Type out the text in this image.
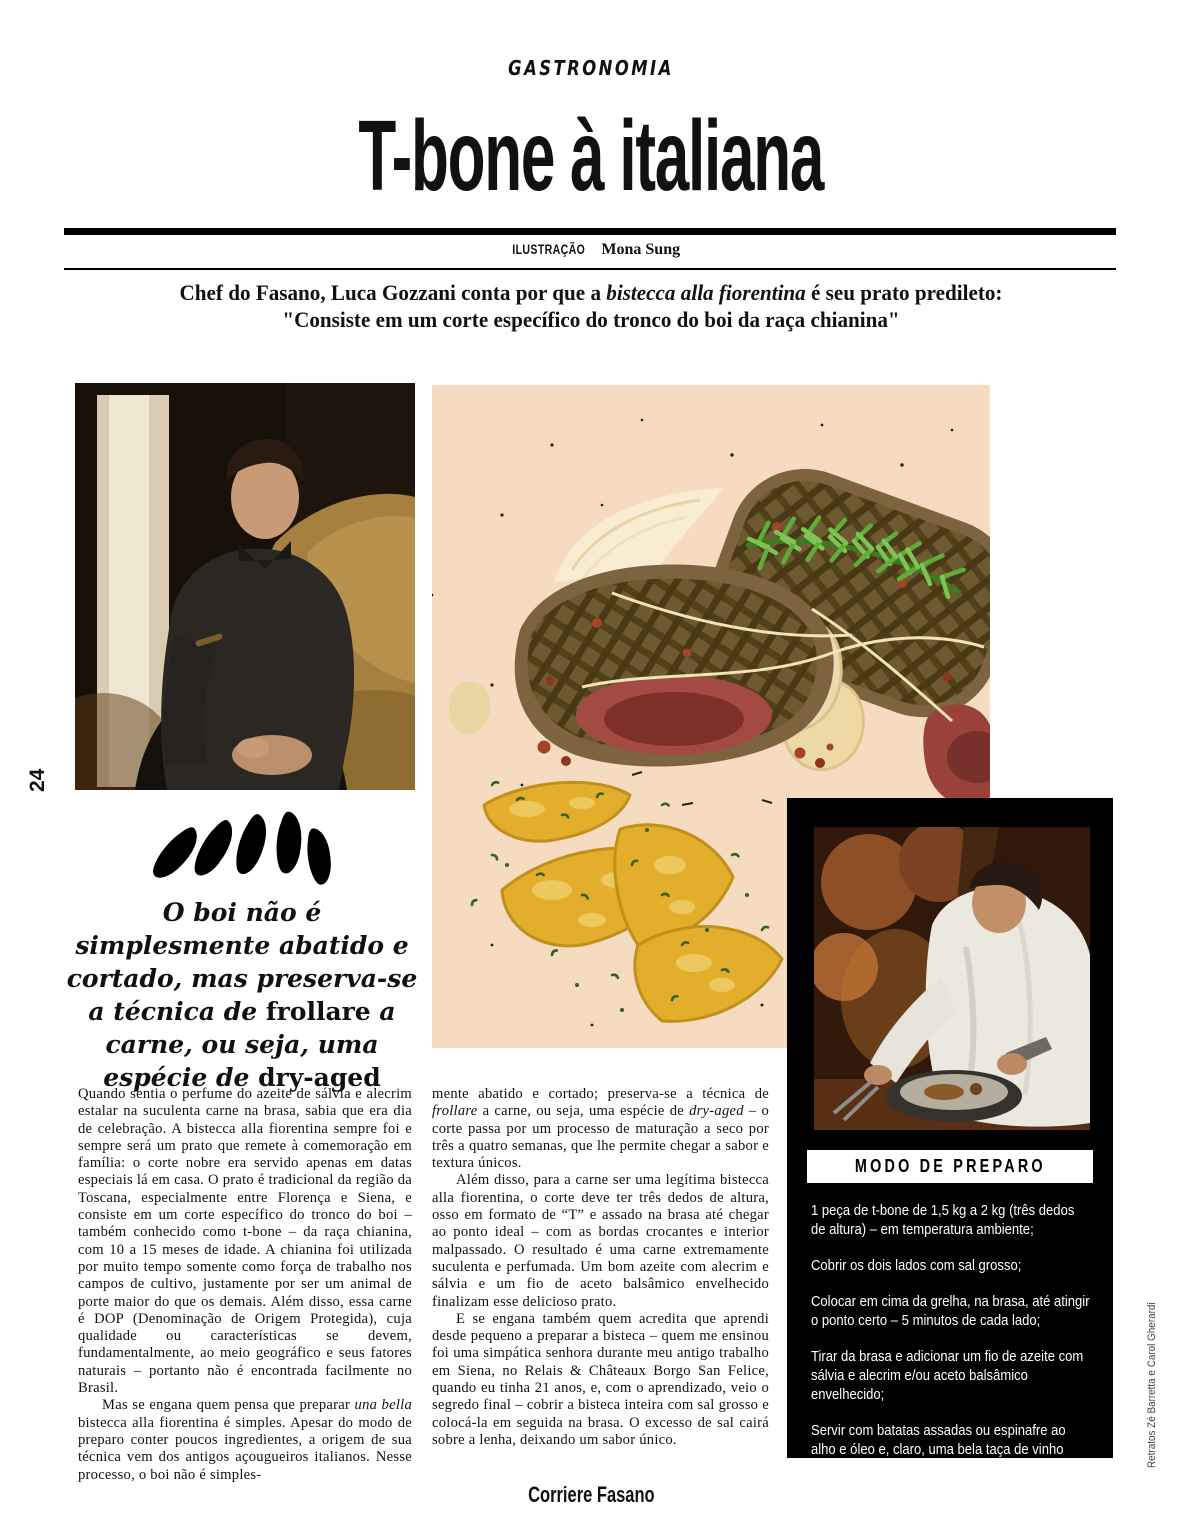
GASTRONOMIA
T-bone à italiana
ILUSTRAÇÃO Mona Sung
Chef do Fasano, Luca Gozzani conta por que a bistecca alla fiorentina é seu prato predileto:
"Consiste em um corte específico do tronco do boi da raça chianina"
24
O boi não é simplesmente abatido e cortado, mas preserva-se a técnica de frollare a carne, ou seja, uma espécie de dry-aged

Quando sentia o perfume do azeite de sálvia e alecrim estalar na suculenta carne na brasa, sabia que era dia de celebração. A bistecca alla fiorentina sempre foi e sempre será um prato que remete à comemoração em família: o corte nobre era servido apenas em datas especiais lá em casa. O prato é tradicional da região da Toscana, especialmente entre Florença e Siena, e consiste em um corte específico do tronco do boi – também conhecido como t-bone – da raça chianina, com 10 a 15 meses de idade. A chianina foi utilizada por muito tempo somente como força de trabalho nos campos de cultivo, justamente por ser um animal de porte maior do que os demais. Além disso, essa carne é DOP (Denominação de Origem Protegida), cuja qualidade ou características se devem, fundamentalmente, ao meio geográfico e seus fatores naturais – portanto não é encontrada facilmente no Brasil.

Mas se engana quem pensa que preparar una bella bistecca alla fiorentina é simples. Apesar do modo de preparo conter poucos ingredientes, a origem de sua técnica vem dos antigos açougueiros italianos. Nesse processo, o boi não é simples-

mente abatido e cortado; preserva-se a técnica de frollare a carne, ou seja, uma espécie de dry-aged – o corte passa por um processo de maturação a seco por três a quatro semanas, que lhe permite chegar a sabor e textura únicos.

Além disso, para a carne ser uma legítima bistecca alla fiorentina, o corte deve ter três dedos de altura, osso em formato de “T” e assado na brasa até chegar ao ponto ideal – com as bordas crocantes e interior malpassado. O resultado é uma carne extremamente suculenta e perfumada. Um bom azeite com alecrim e sálvia e um fio de aceto balsâmico envelhecido finalizam esse delicioso prato.

E se engana também quem acredita que aprendi desde pequeno a preparar a bisteca – quem me ensinou foi uma simpática senhora durante meu antigo trabalho em Siena, no Relais & Châteaux Borgo San Felice, quando eu tinha 21 anos, e, com o aprendizado, veio o segredo final – cobrir a bisteca inteira com sal grosso e colocá-la em seguida na brasa. O excesso de sal cairá sobre a lenha, deixando um sabor único.

MODO DE PREPARO
1 peça de t-bone de 1,5 kg a 2 kg (três dedos de altura) – em temperatura ambiente;
Cobrir os dois lados com sal grosso;
Colocar em cima da grelha, na brasa, até atingir o ponto certo – 5 minutos de cada lado;
Tirar da brasa e adicionar um fio de azeite com sálvia e alecrim e/ou aceto balsâmico envelhecido;
Servir com batatas assadas ou espinafre ao alho e óleo e, claro, uma bela taça de vinho Chianti.
Corriere Fasano
Retratos Zé Barretta e Carol Gherardi
